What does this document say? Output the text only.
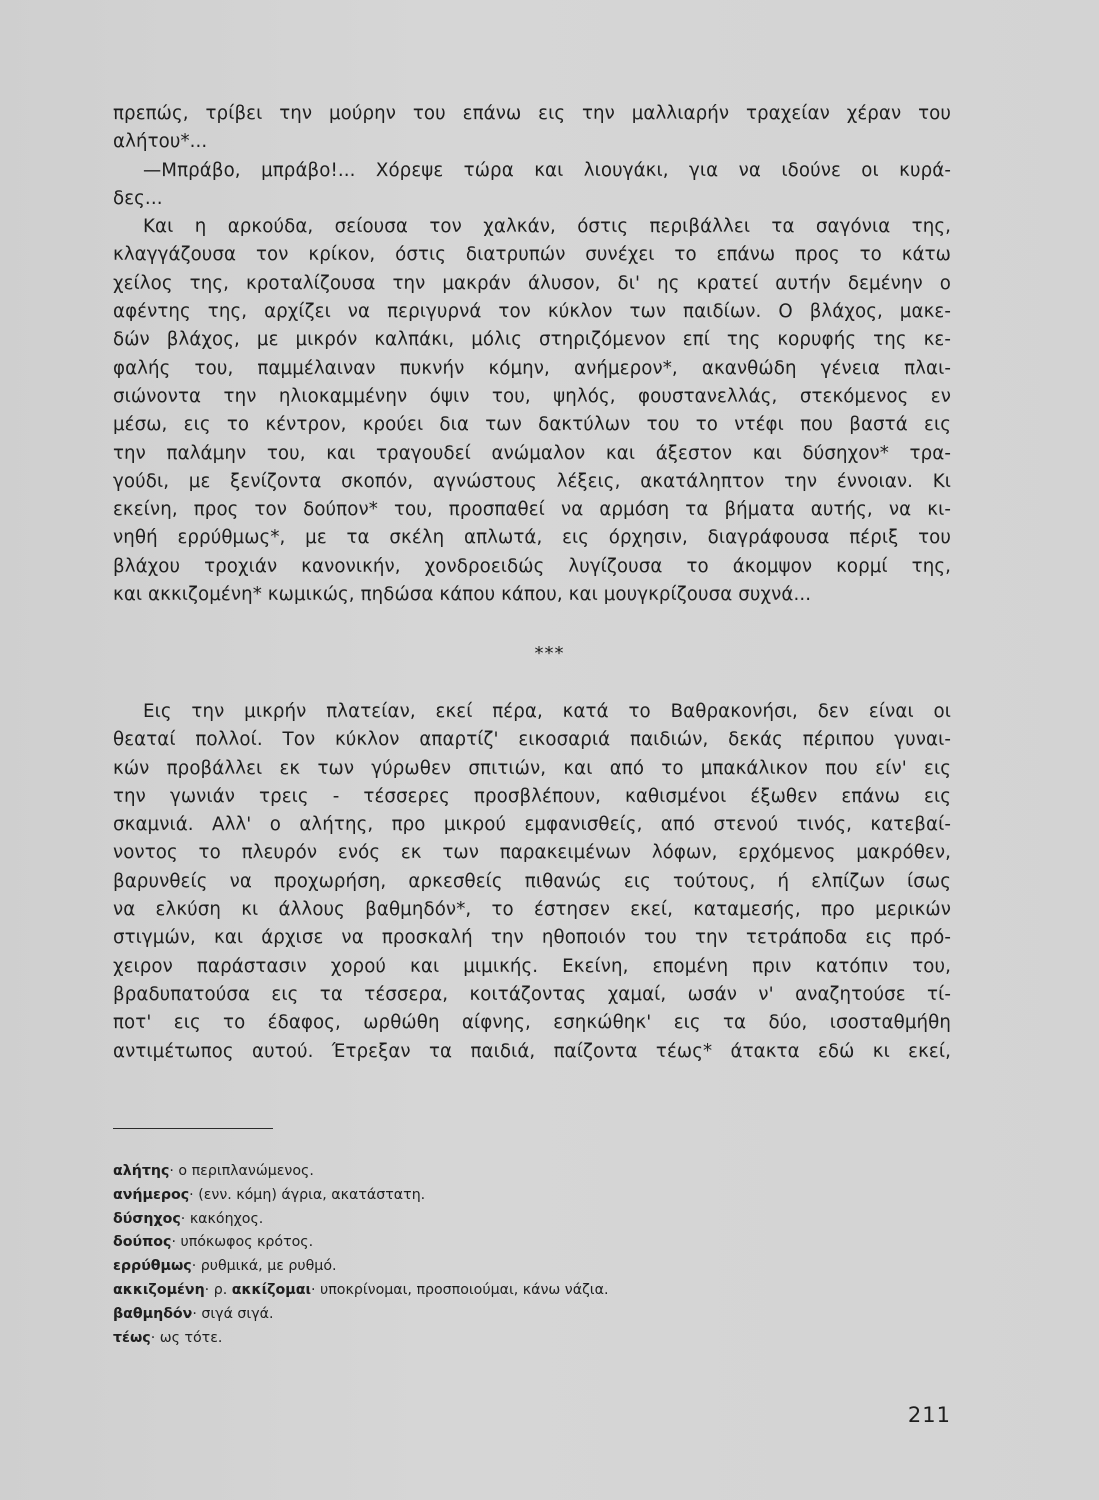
πρεπώς, τρίβει την μούρην του επάνω εις την μαλλιαρήν τραχείαν χέραν του
αλήτου*...
—Μπράβο, μπράβο!... Χόρεψε τώρα και λιουγάκι, για να ιδούνε οι κυρά-
δες...
Και η αρκούδα, σείουσα τον χαλκάν, όστις περιβάλλει τα σαγόνια της,
κλαγγάζουσα τον κρίκον, όστις διατρυπών συνέχει το επάνω προς το κάτω
χείλος της, κροταλίζουσα την μακράν άλυσον, δι' ης κρατεί αυτήν δεμένην ο
αφέντης της, αρχίζει να περιγυρνά τον κύκλον των παιδίων. Ο βλάχος, μακε-
δών βλάχος, με μικρόν καλπάκι, μόλις στηριζόμενον επί της κορυφής της κε-
φαλής του, παμμέλαιναν πυκνήν κόμην, ανήμερον*, ακανθώδη γένεια πλαι-
σιώνοντα την ηλιοκαμμένην όψιν του, ψηλός, φουστανελλάς, στεκόμενος εν
μέσω, εις το κέντρον, κρούει δια των δακτύλων του το ντέφι που βαστά εις
την παλάμην του, και τραγουδεί ανώμαλον και άξεστον και δύσηχον* τρα-
γούδι, με ξενίζοντα σκοπόν, αγνώστους λέξεις, ακατάληπτον την έννοιαν. Κι
εκείνη, προς τον δούπον* του, προσπαθεί να αρμόση τα βήματα αυτής, να κι-
νηθή ερρύθμως*, με τα σκέλη απλωτά, εις όρχησιν, διαγράφουσα πέριξ του
βλάχου τροχιάν κανονικήν, χονδροειδώς λυγίζουσα το άκομψον κορμί της,
και ακκιζομένη* κωμικώς, πηδώσα κάπου κάπου, και μουγκρίζουσα συχνά...
***
Εις την μικρήν πλατείαν, εκεί πέρα, κατά το Βαθρακονήσι, δεν είναι οι
θεαταί πολλοί. Τον κύκλον απαρτίζ' εικοσαριά παιδιών, δεκάς πέριπου γυναι-
κών προβάλλει εκ των γύρωθεν σπιτιών, και από το μπακάλικον που είν' εις
την γωνιάν τρεις - τέσσερες προσβλέπουν, καθισμένοι έξωθεν επάνω εις
σκαμνιά. Αλλ' ο αλήτης, προ μικρού εμφανισθείς, από στενού τινός, κατεβαί-
νοντος το πλευρόν ενός εκ των παρακειμένων λόφων, ερχόμενος μακρόθεν,
βαρυνθείς να προχωρήση, αρκεσθείς πιθανώς εις τούτους, ή ελπίζων ίσως
να ελκύση κι άλλους βαθμηδόν*, το έστησεν εκεί, καταμεσής, προ μερικών
στιγμών, και άρχισε να προσκαλή την ηθοποιόν του την τετράποδα εις πρό-
χειρον παράστασιν χορού και μιμικής. Εκείνη, επομένη πριν κατόπιν του,
βραδυπατούσα εις τα τέσσερα, κοιτάζοντας χαμαί, ωσάν ν' αναζητούσε τί-
ποτ' εις το έδαφος, ωρθώθη αίφνης, εσηκώθηκ' εις τα δύο, ισοσταθμήθη
αντιμέτωπος αυτού. Έτρεξαν τα παιδιά, παίζοντα τέως* άτακτα εδώ κι εκεί,
αλήτης· ο περιπλανώμενος.
ανήμερος· (ενν. κόμη) άγρια, ακατάστατη.
δύσηχος· κακόηχος.
δούπος· υπόκωφος κρότος.
ερρύθμως· ρυθμικά, με ρυθμό.
ακκιζομένη· ρ. ακκίζομαι· υποκρίνομαι, προσποιούμαι, κάνω νάζια.
βαθμηδόν· σιγά σιγά.
τέως· ως τότε.
211
